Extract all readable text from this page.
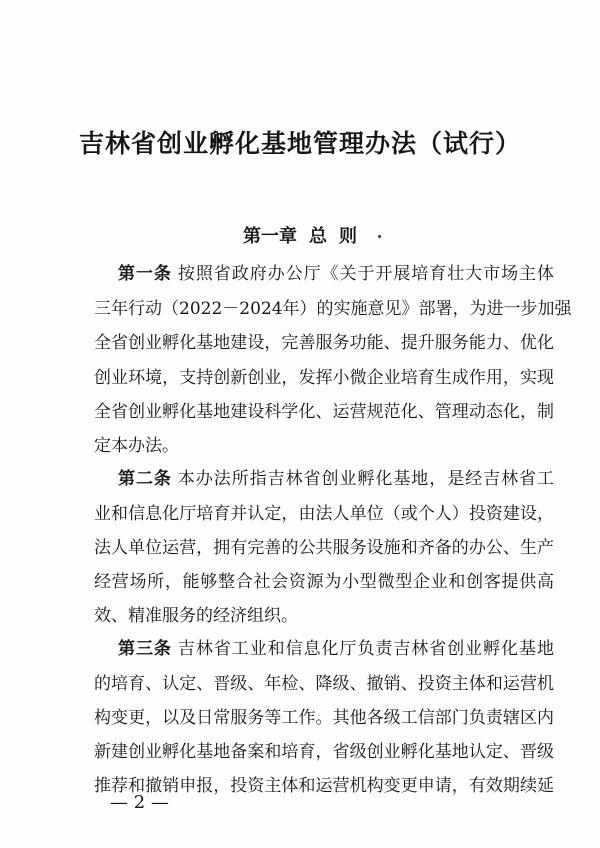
吉林省创业孵化基地管理办法（试行）
第一章 总 则
第一条 按照省政府办公厅《关于开展培育壮大市场主体
三年行动（2022－2024年）的实施意见》部署，为进一步加强
全省创业孵化基地建设，完善服务功能、提升服务能力、优化
创业环境，支持创新创业，发挥小微企业培育生成作用，实现
全省创业孵化基地建设科学化、运营规范化、管理动态化，制
定本办法。
第二条 本办法所指吉林省创业孵化基地，是经吉林省工
业和信息化厅培育并认定，由法人单位（或个人）投资建设，
法人单位运营，拥有完善的公共服务设施和齐备的办公、生产
经营场所，能够整合社会资源为小型微型企业和创客提供高
效、精准服务的经济组织。
第三条 吉林省工业和信息化厅负责吉林省创业孵化基地
的培育、认定、晋级、年检、降级、撤销、投资主体和运营机
构变更，以及日常服务等工作。其他各级工信部门负责辖区内
新建创业孵化基地备案和培育，省级创业孵化基地认定、晋级
推荐和撤销申报，投资主体和运营机构变更申请，有效期续延
— 2 —
